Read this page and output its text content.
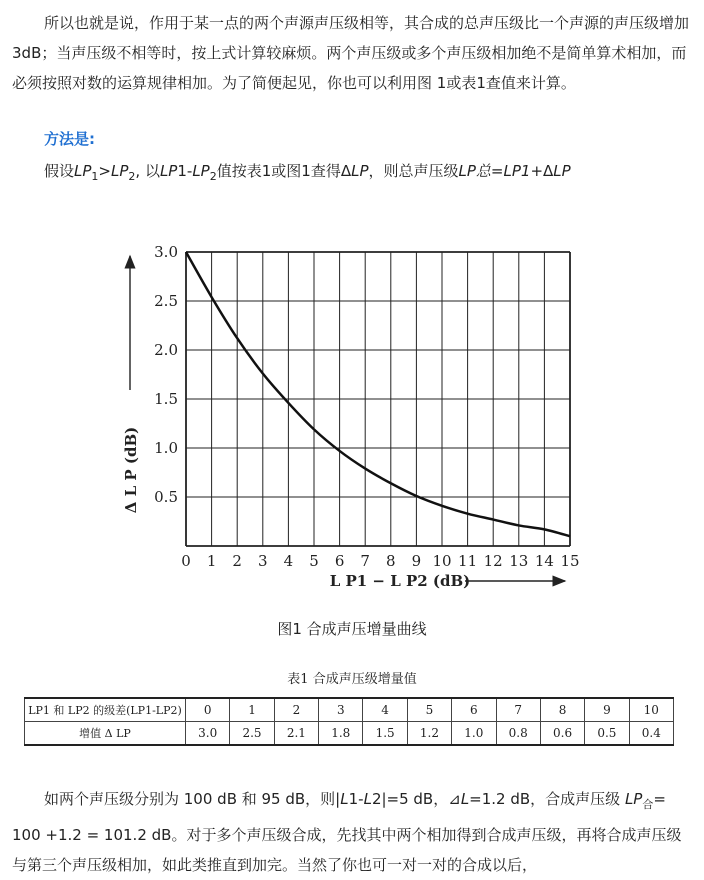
所以也就是说，作用于某一点的两个声源声压级相等，其合成的总声压级比一个声源的声压级增加 3dB；当声压级不相等时，按上式计算较麻烦。两个声压级或多个声压级相加绝不是简单算术相加，而必须按照对数的运算规律相加。为了简便起见，你也可以利用图 1或表1查值来计算。

方法是:
假设$LP_1>LP_2$, 以$LP1-LP_2$值按表1或图1查得ΔLP，则总声压级LP总=LP1+ΔLP
0 1 2 3 4 5 6 7 8 9 10 11 12 13 14 15
0.5
1.0
1.5
2.0
2.5
3.0
Δ L P (dB)
L P1 − L P2 (dB)
图1 合成声压增量曲线
表1 合成声压级增量值
LP1 和 LP2 的级差(LP1-LP2)	0	1	2	3	4	5	6	7	8	9	10
增值 Δ LP	3.0	2.5	2.1	1.8	1.5	1.2	1.0	0.8	0.6	0.5	0.4

如两个声压级分别为 100 dB 和 95 dB，则|L1-L2|=5 dB，⊿L=1.2 dB，合成声压级 $LP_合= 100 +1.2 = 101.2$ dB。对于多个声压级合成，先找其中两个相加得到合成声压级，再将合成声压级与第三个声压级相加，如此类推直到加完。当然了你也可一对一对的合成以后，
